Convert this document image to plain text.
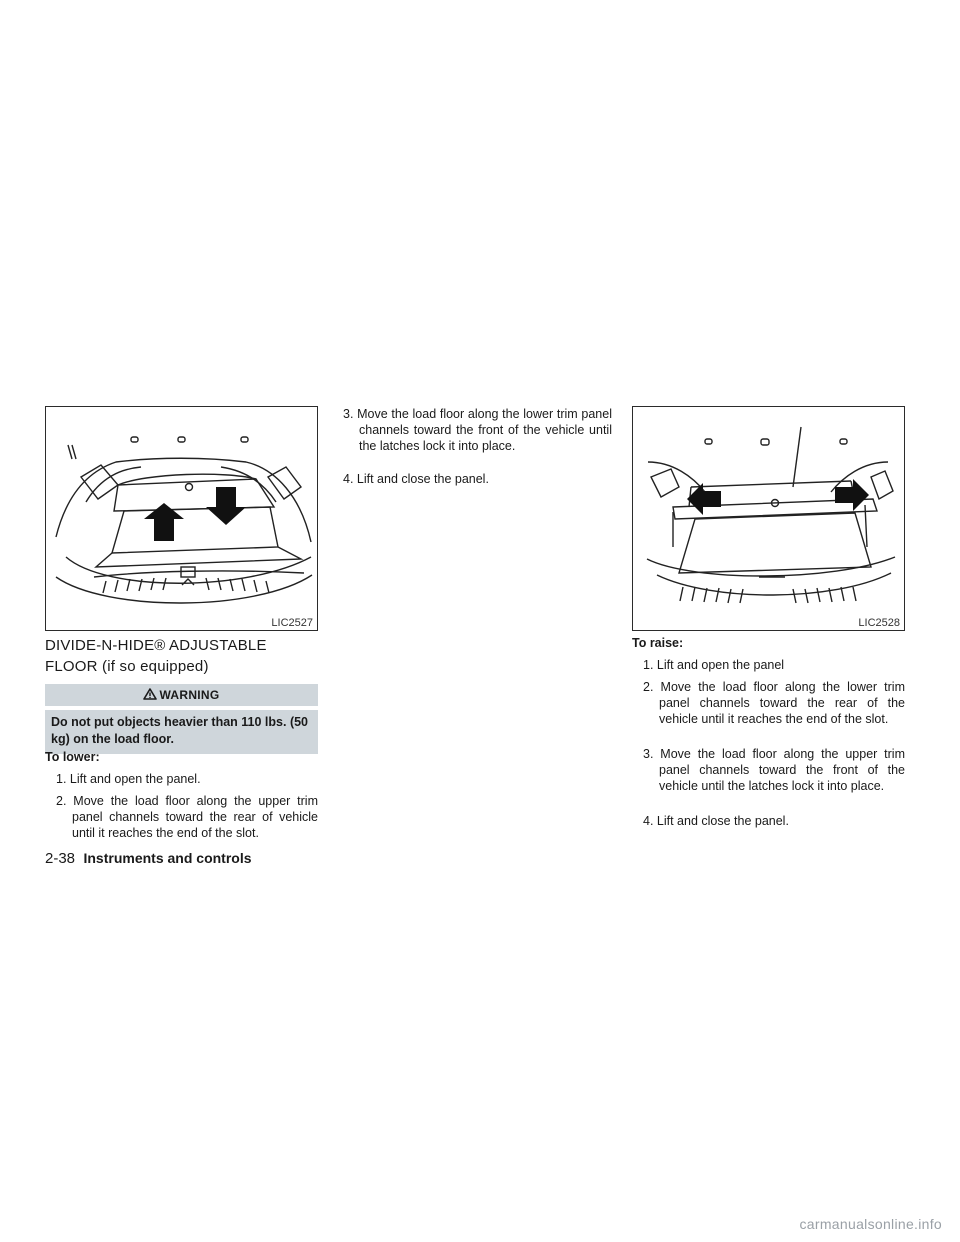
LIC2527	LIC2528
DIVIDE-N-HIDE® ADJUSTABLE
FLOOR (if so equipped)
WARNING
Do not put objects heavier than 110 lbs. (50 kg) on the load floor.
To lower:
1. Lift and open the panel.
2. Move the load floor along the upper trim panel channels toward the rear of vehicle until it reaches the end of the slot.
3. Move the load floor along the lower trim panel channels toward the front of the vehicle until the latches lock it into place.
4. Lift and close the panel.
To raise:
1. Lift and open the panel
2. Move the load floor along the lower trim panel channels toward the rear of the vehicle until it reaches the end of the slot.
3. Move the load floor along the upper trim panel channels toward the front of the vehicle until the latches lock it into place.
4. Lift and close the panel.
2-38 Instruments and controls
carmanualsonline.info
